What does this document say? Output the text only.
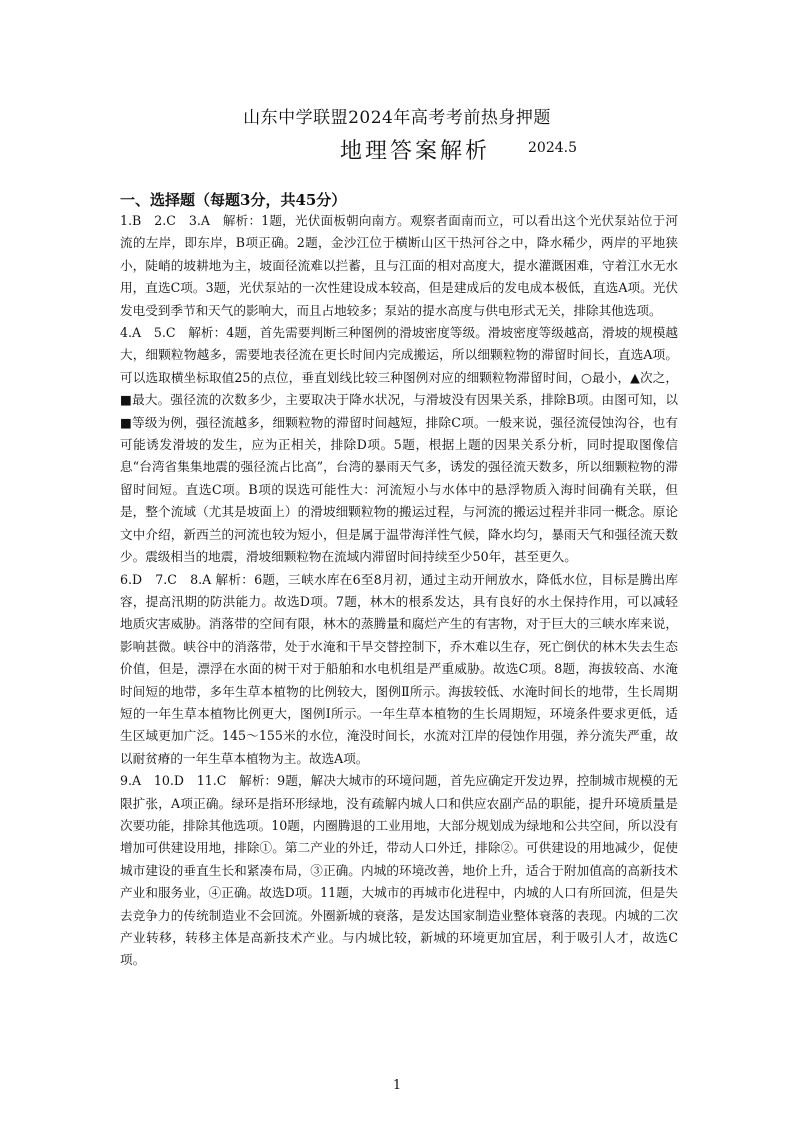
山东中学联盟2024年高考考前热身押题
地理答案解析	2024.5
一、选择题（每题3分，共45分）

1.B　2.C　3.A　解析：1题，光伏面板朝向南方。观察者面南而立，可以看出这个光伏泵站位于河流的左岸，即东岸，B项正确。2题，金沙江位于横断山区干热河谷之中，降水稀少，两岸的平地狭小，陡峭的坡耕地为主，坡面径流难以拦蓄，且与江面的相对高度大，提水灌溉困难，守着江水无水用，直选C项。3题，光伏泵站的一次性建设成本较高，但是建成后的发电成本极低，直选A项。光伏发电受到季节和天气的影响大，而且占地较多；泵站的提水高度与供电形式无关，排除其他选项。

4.A　5.C　解析：4题，首先需要判断三种图例的滑坡密度等级。滑坡密度等级越高，滑坡的规模越大，细颗粒物越多，需要地表径流在更长时间内完成搬运，所以细颗粒物的滞留时间长，直选A项。可以选取横坐标取值25的点位，垂直划线比较三种图例对应的细颗粒物滞留时间，○最小，▲次之，■最大。强径流的次数多少，主要取决于降水状况，与滑坡没有因果关系，排除B项。由图可知，以■等级为例，强径流越多，细颗粒物的滞留时间越短，排除C项。一般来说，强径流侵蚀沟谷，也有可能诱发滑坡的发生，应为正相关，排除D项。5题，根据上题的因果关系分析，同时提取图像信息“台湾省集集地震的强径流占比高”，台湾的暴雨天气多，诱发的强径流天数多，所以细颗粒物的滞留时间短。直选C项。B项的误选可能性大：河流短小与水体中的悬浮物质入海时间确有关联，但是，整个流域（尤其是坡面上）的滑坡细颗粒物的搬运过程，与河流的搬运过程并非同一概念。原论文中介绍，新西兰的河流也较为短小，但是属于温带海洋性气候，降水均匀，暴雨天气和强径流天数少。震级相当的地震，滑坡细颗粒物在流域内滞留时间持续至少50年，甚至更久。

6.D　7.C　8.A 解析：6题，三峡水库在6至8月初，通过主动开闸放水，降低水位，目标是腾出库容，提高汛期的防洪能力。故选D项。7题，林木的根系发达，具有良好的水土保持作用，可以减轻地质灾害威胁。消落带的空间有限，林木的蒸腾量和腐烂产生的有害物，对于巨大的三峡水库来说，影响甚微。峡谷中的消落带，处于水淹和干旱交替控制下，乔木难以生存，死亡倒伏的林木失去生态价值，但是，漂浮在水面的树干对于船舶和水电机组是严重威胁。故选C项。8题，海拔较高、水淹时间短的地带，多年生草本植物的比例较大，图例Ⅱ所示。海拔较低、水淹时间长的地带，生长周期短的一年生草本植物比例更大，图例Ⅰ所示。一年生草本植物的生长周期短，环境条件要求更低，适生区域更加广泛。145～155米的水位，淹没时间长，水流对江岸的侵蚀作用强，养分流失严重，故以耐贫瘠的一年生草本植物为主。故选A项。

9.A　10.D　11.C　解析：9题，解决大城市的环境问题，首先应确定开发边界，控制城市规模的无限扩张，A项正确。绿环是指环形绿地，没有疏解内城人口和供应农副产品的职能，提升环境质量是次要功能，排除其他选项。10题，内圈腾退的工业用地，大部分规划成为绿地和公共空间，所以没有增加可供建设用地，排除①。第二产业的外迁，带动人口外迁，排除②。可供建设的用地减少，促使城市建设的垂直生长和紧凑布局，③正确。内城的环境改善，地价上升，适合于附加值高的高新技术产业和服务业，④正确。故选D项。11题，大城市的再城市化进程中，内城的人口有所回流，但是失去竞争力的传统制造业不会回流。外圈新城的衰落，是发达国家制造业整体衰落的表现。内城的二次产业转移，转移主体是高新技术产业。与内城比较，新城的环境更加宜居，利于吸引人才，故选C项。

1
